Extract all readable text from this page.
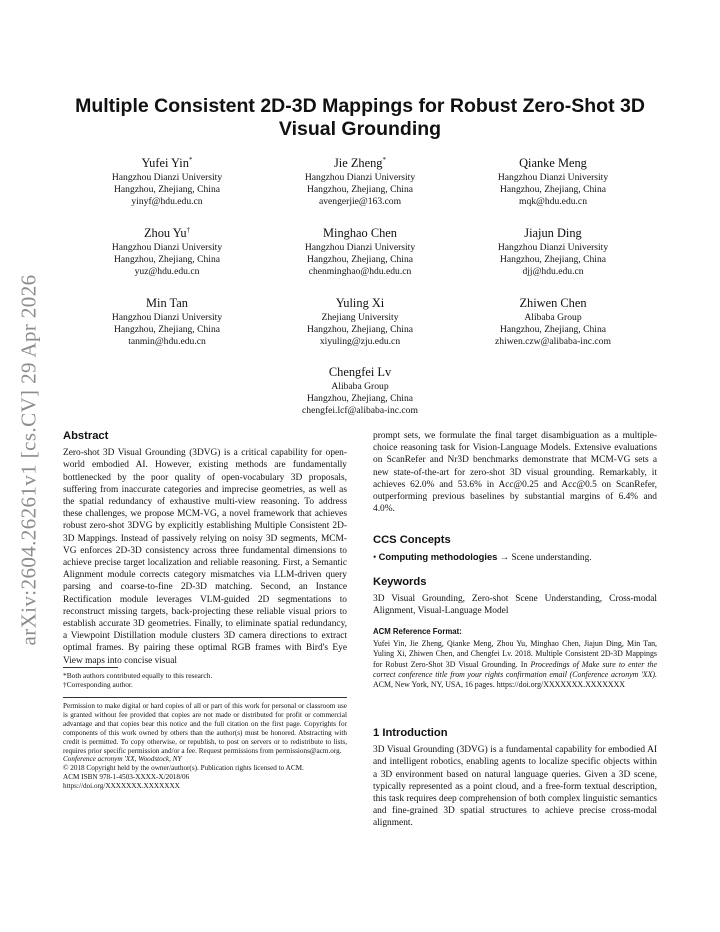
arXiv:2604.26261v1 [cs.CV] 29 Apr 2026
Multiple Consistent 2D-3D Mappings for Robust Zero-Shot 3D Visual Grounding
Yufei Yin*
Hangzhou Dianzi University
Hangzhou, Zhejiang, China
yinyf@hdu.edu.cn
Jie Zheng*
Hangzhou Dianzi University
Hangzhou, Zhejiang, China
avengerjie@163.com
Qianke Meng
Hangzhou Dianzi University
Hangzhou, Zhejiang, China
mqk@hdu.edu.cn
Zhou Yu†
Hangzhou Dianzi University
Hangzhou, Zhejiang, China
yuz@hdu.edu.cn
Minghao Chen
Hangzhou Dianzi University
Hangzhou, Zhejiang, China
chenminghao@hdu.edu.cn
Jiajun Ding
Hangzhou Dianzi University
Hangzhou, Zhejiang, China
djj@hdu.edu.cn
Min Tan
Hangzhou Dianzi University
Hangzhou, Zhejiang, China
tanmin@hdu.edu.cn
Yuling Xi
Zhejiang University
Hangzhou, Zhejiang, China
xiyuling@zju.edu.cn
Zhiwen Chen
Alibaba Group
Hangzhou, Zhejiang, China
zhiwen.czw@alibaba-inc.com
Chengfei Lv
Alibaba Group
Hangzhou, Zhejiang, China
chengfei.lcf@alibaba-inc.com
Abstract

Zero-shot 3D Visual Grounding (3DVG) is a critical capability for open-world embodied AI. However, existing methods are fundamentally bottlenecked by the poor quality of open-vocabulary 3D proposals, suffering from inaccurate categories and imprecise geometries, as well as the spatial redundancy of exhaustive multi-view reasoning. To address these challenges, we propose MCM-VG, a novel framework that achieves robust zero-shot 3DVG by explicitly establishing Multiple Consistent 2D-3D Mappings. Instead of passively relying on noisy 3D segments, MCM-VG enforces 2D-3D consistency across three fundamental dimensions to achieve precise target localization and reliable reasoning. First, a Semantic Alignment module corrects category mismatches via LLM-driven query parsing and coarse-to-fine 2D-3D matching. Second, an Instance Rectification module leverages VLM-guided 2D segmentations to reconstruct missing targets, back-projecting these reliable visual priors to establish accurate 3D geometries. Finally, to eliminate spatial redundancy, a Viewpoint Distillation module clusters 3D camera directions to extract optimal frames. By pairing these optimal RGB frames with Bird's Eye View maps into concise visual

*Both authors contributed equally to this research.
†Corresponding author.

Permission to make digital or hard copies of all or part of this work for personal or classroom use is granted without fee provided that copies are not made or distributed for profit or commercial advantage and that copies bear this notice and the full citation on the first page. Copyrights for components of this work owned by others than the author(s) must be honored. Abstracting with credit is permitted. To copy otherwise, or republish, to post on servers or to redistribute to lists, requires prior specific permission and/or a fee. Request permissions from permissions@acm.org.

Conference acronym 'XX, Woodstock, NY
© 2018 Copyright held by the owner/author(s). Publication rights licensed to ACM.
ACM ISBN 978-1-4503-XXXX-X/2018/06
https://doi.org/XXXXXXX.XXXXXXX

prompt sets, we formulate the final target disambiguation as a multiple-choice reasoning task for Vision-Language Models. Extensive evaluations on ScanRefer and Nr3D benchmarks demonstrate that MCM-VG sets a new state-of-the-art for zero-shot 3D visual grounding. Remarkably, it achieves 62.0% and 53.6% in Acc@0.25 and Acc@0.5 on ScanRefer, outperforming previous baselines by substantial margins of 6.4% and 4.0%.

CCS Concepts
• Computing methodologies → Scene understanding.
Keywords

3D Visual Grounding, Zero-shot Scene Understanding, Cross-modal Alignment, Visual-Language Model

ACM Reference Format:

Yufei Yin, Jie Zheng, Qianke Meng, Zhou Yu, Minghao Chen, Jiajun Ding, Min Tan, Yuling Xi, Zhiwen Chen, and Chengfei Lv. 2018. Multiple Consistent 2D-3D Mappings for Robust Zero-Shot 3D Visual Grounding. In Proceedings of Make sure to enter the correct conference title from your rights confirmation email (Conference acronym 'XX). ACM, New York, NY, USA, 16 pages. https://doi.org/XXXXXXX.XXXXXXX

1 Introduction

3D Visual Grounding (3DVG) is a fundamental capability for embodied AI and intelligent robotics, enabling agents to localize specific objects within a 3D environment based on natural language queries. Given a 3D scene, typically represented as a point cloud, and a free-form textual description, this task requires deep comprehension of both complex linguistic semantics and fine-grained 3D spatial structures to achieve precise cross-modal alignment.
